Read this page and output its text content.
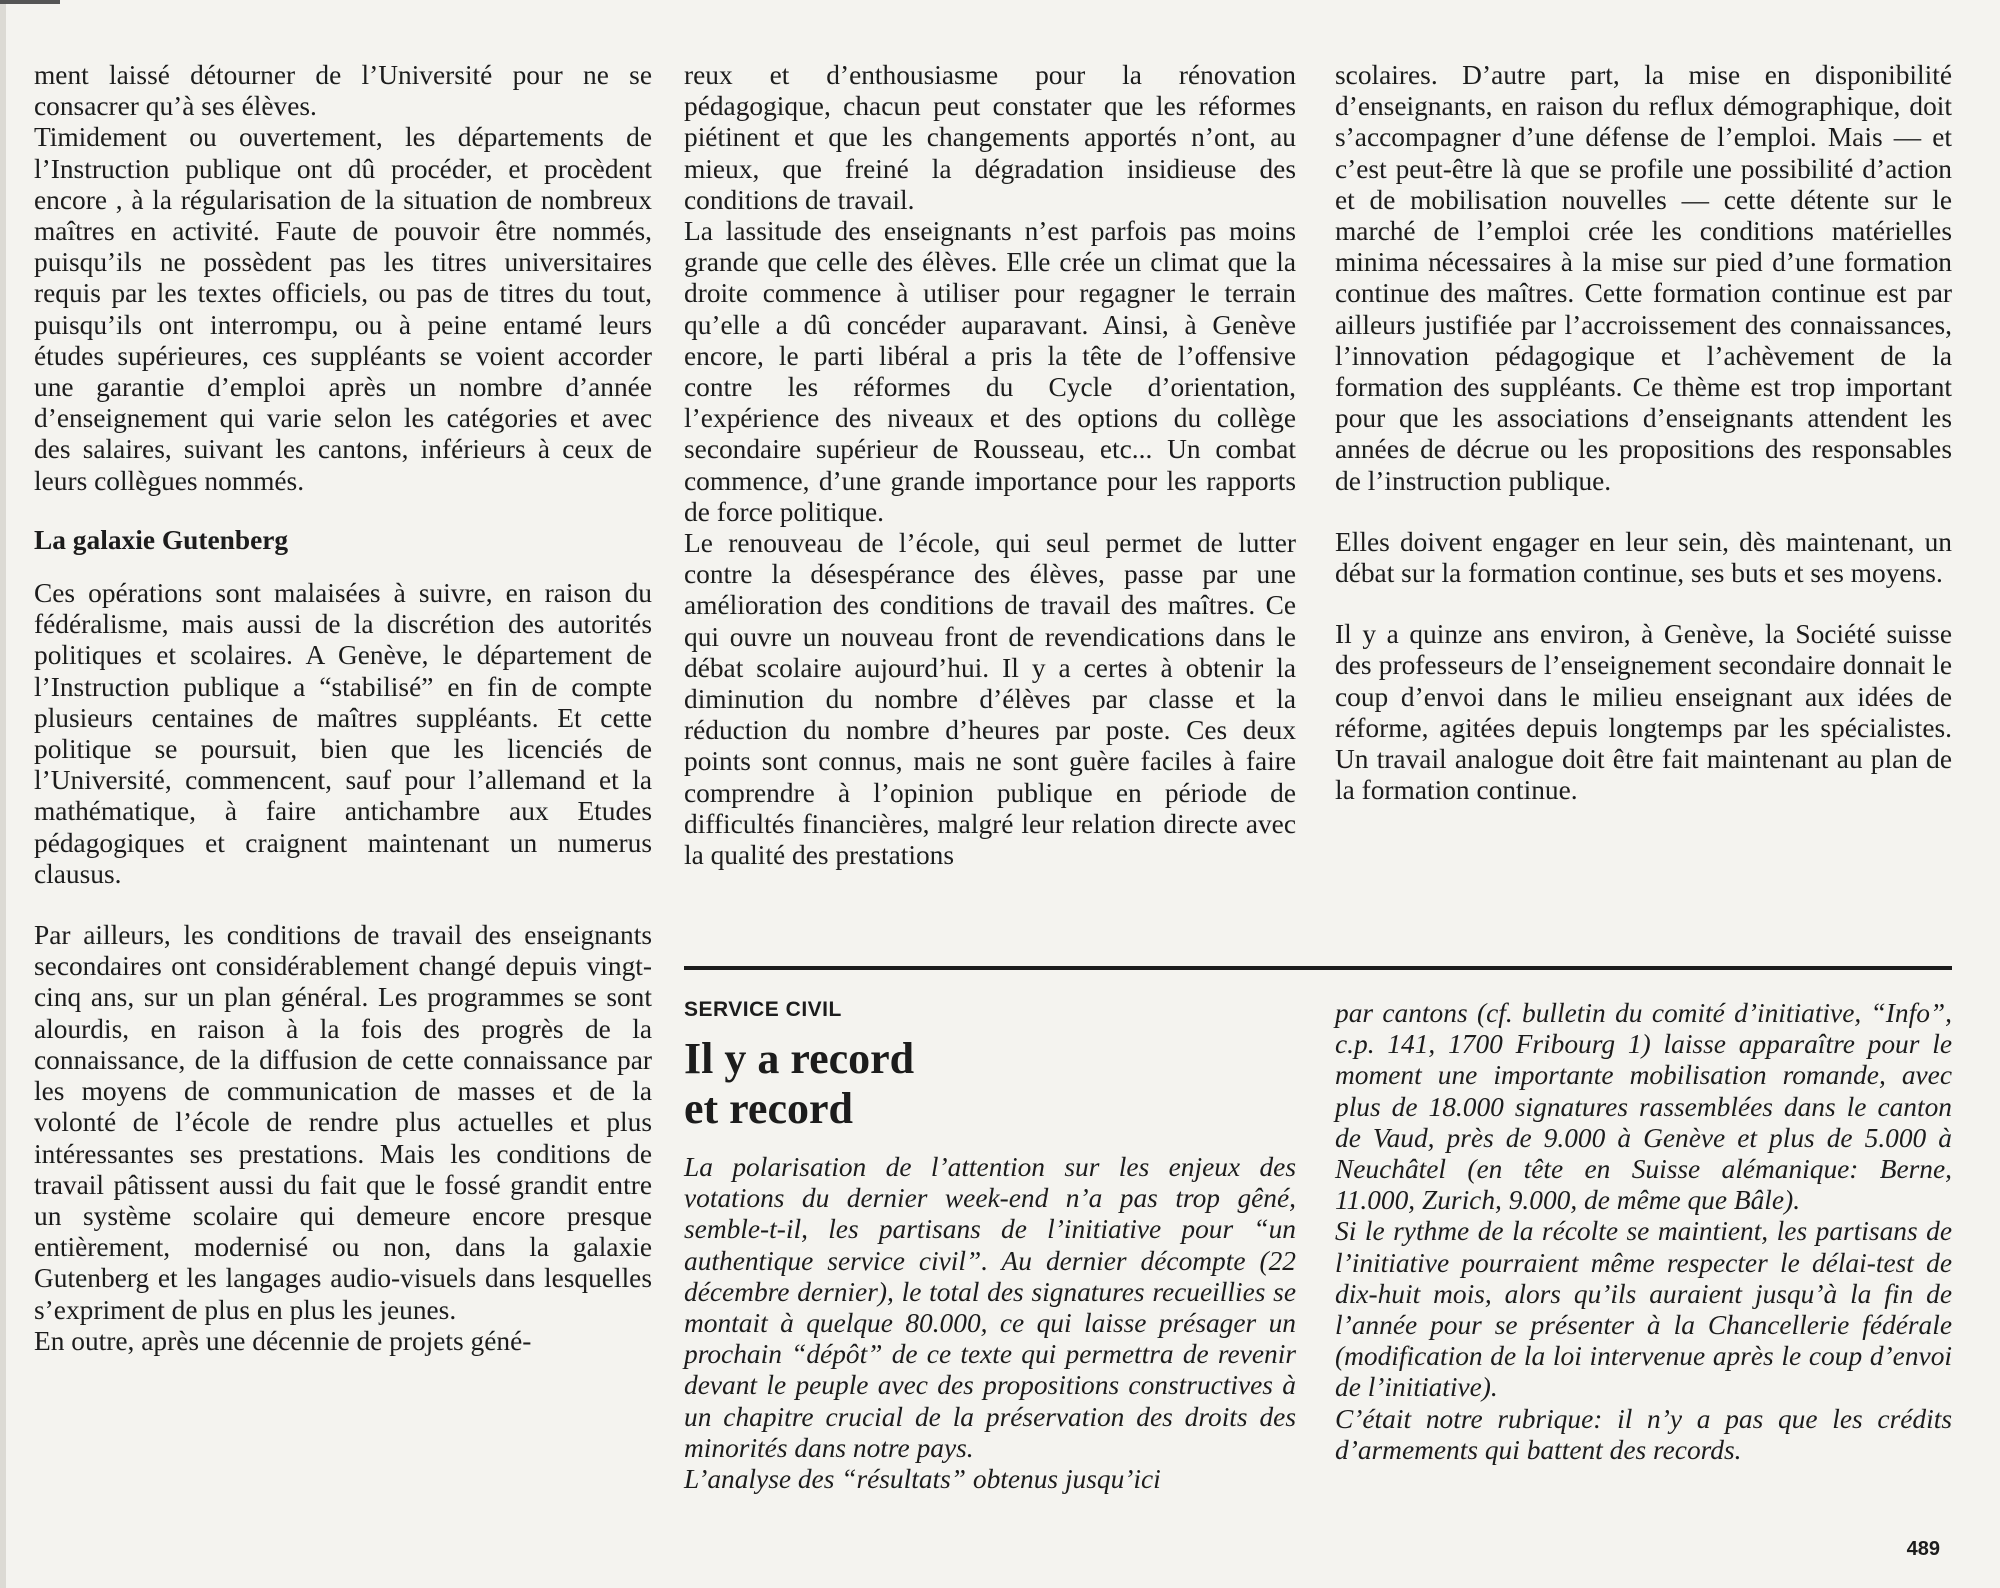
ment laissé détourner de l’Université pour ne se consacrer qu’à ses élèves.

Timidement ou ouvertement, les départements de l’Instruction publique ont dû procéder, et procèdent encore , à la régularisation de la situation de nombreux maîtres en activité. Faute de pouvoir être nommés, puisqu’ils ne possèdent pas les titres universitaires requis par les textes officiels, ou pas de titres du tout, puisqu’ils ont interrompu, ou à peine entamé leurs études supérieures, ces suppléants se voient accorder une garantie d’emploi après un nombre d’année d’enseignement qui varie selon les catégories et avec des salaires, suivant les cantons, inférieurs à ceux de leurs collègues nommés.

La galaxie Gutenberg

Ces opérations sont malaisées à suivre, en raison du fédéralisme, mais aussi de la discrétion des autorités politiques et scolaires. A Genève, le département de l’Instruction publique a “stabilisé” en fin de compte plusieurs centaines de maîtres suppléants. Et cette politique se poursuit, bien que les licenciés de l’Université, commencent, sauf pour l’allemand et la mathématique, à faire antichambre aux Etudes pédagogiques et craignent maintenant un numerus clausus.

Par ailleurs, les conditions de travail des enseignants secondaires ont considérablement changé depuis vingt-cinq ans, sur un plan général. Les programmes se sont alourdis, en raison à la fois des progrès de la connaissance, de la diffusion de cette connaissance par les moyens de communication de masses et de la volonté de l’école de rendre plus actuelles et plus intéressantes ses prestations. Mais les conditions de travail pâtissent aussi du fait que le fossé grandit entre un système scolaire qui demeure encore presque entièrement, modernisé ou non, dans la galaxie Gutenberg et les langages audio-visuels dans lesquelles s’expriment de plus en plus les jeunes.

En outre, après une décennie de projets géné-

reux et d’enthousiasme pour la rénovation pédagogique, chacun peut constater que les réformes piétinent et que les changements apportés n’ont, au mieux, que freiné la dégradation insidieuse des conditions de travail.

La lassitude des enseignants n’est parfois pas moins grande que celle des élèves. Elle crée un climat que la droite commence à utiliser pour regagner le terrain qu’elle a dû concéder auparavant. Ainsi, à Genève encore, le parti libéral a pris la tête de l’offensive contre les réformes du Cycle d’orientation, l’expérience des niveaux et des options du collège secondaire supérieur de Rousseau, etc... Un combat commence, d’une grande importance pour les rapports de force politique.

Le renouveau de l’école, qui seul permet de lutter contre la désespérance des élèves, passe par une amélioration des conditions de travail des maîtres. Ce qui ouvre un nouveau front de revendications dans le débat scolaire aujourd’hui. Il y a certes à obtenir la diminution du nombre d’élèves par classe et la réduction du nombre d’heures par poste. Ces deux points sont connus, mais ne sont guère faciles à faire comprendre à l’opinion publique en période de difficultés financières, malgré leur relation directe avec la qualité des prestations

scolaires. D’autre part, la mise en disponibilité d’enseignants, en raison du reflux démographique, doit s’accompagner d’une défense de l’emploi. Mais — et c’est peut-être là que se profile une possibilité d’action et de mobilisation nouvelles — cette détente sur le marché de l’emploi crée les conditions matérielles minima nécessaires à la mise sur pied d’une formation continue des maîtres. Cette formation continue est par ailleurs justifiée par l’accroissement des connaissances, l’innovation pédagogique et l’achèvement de la formation des suppléants. Ce thème est trop important pour que les associations d’enseignants attendent les années de décrue ou les propositions des responsables de l’instruction publique.

Elles doivent engager en leur sein, dès maintenant, un débat sur la formation continue, ses buts et ses moyens.

Il y a quinze ans environ, à Genève, la Société suisse des professeurs de l’enseignement secondaire donnait le coup d’envoi dans le milieu enseignant aux idées de réforme, agitées depuis longtemps par les spécialistes. Un travail analogue doit être fait maintenant au plan de la formation continue.

SERVICE CIVIL
Il y a record
et record

La polarisation de l’attention sur les enjeux des votations du dernier week-end n’a pas trop gêné, semble-t-il, les partisans de l’initiative pour “un authentique service civil”. Au dernier décompte (22 décembre dernier), le total des signatures recueillies se montait à quelque 80.000, ce qui laisse présager un prochain “dépôt” de ce texte qui permettra de revenir devant le peuple avec des propositions constructives à un chapitre crucial de la préservation des droits des minorités dans notre pays.

L’analyse des “résultats” obtenus jusqu’ici

par cantons (cf. bulletin du comité d’initiative, “Info”, c.p. 141, 1700 Fribourg 1) laisse apparaître pour le moment une importante mobilisation romande, avec plus de 18.000 signatures rassemblées dans le canton de Vaud, près de 9.000 à Genève et plus de 5.000 à Neuchâtel (en tête en Suisse alémanique: Berne, 11.000, Zurich, 9.000, de même que Bâle).

Si le rythme de la récolte se maintient, les partisans de l’initiative pourraient même respecter le délai-test de dix-huit mois, alors qu’ils auraient jusqu’à la fin de l’année pour se présenter à la Chancellerie fédérale (modification de la loi intervenue après le coup d’envoi de l’initiative).

C’était notre rubrique: il n’y a pas que les crédits d’armements qui battent des records.

489
